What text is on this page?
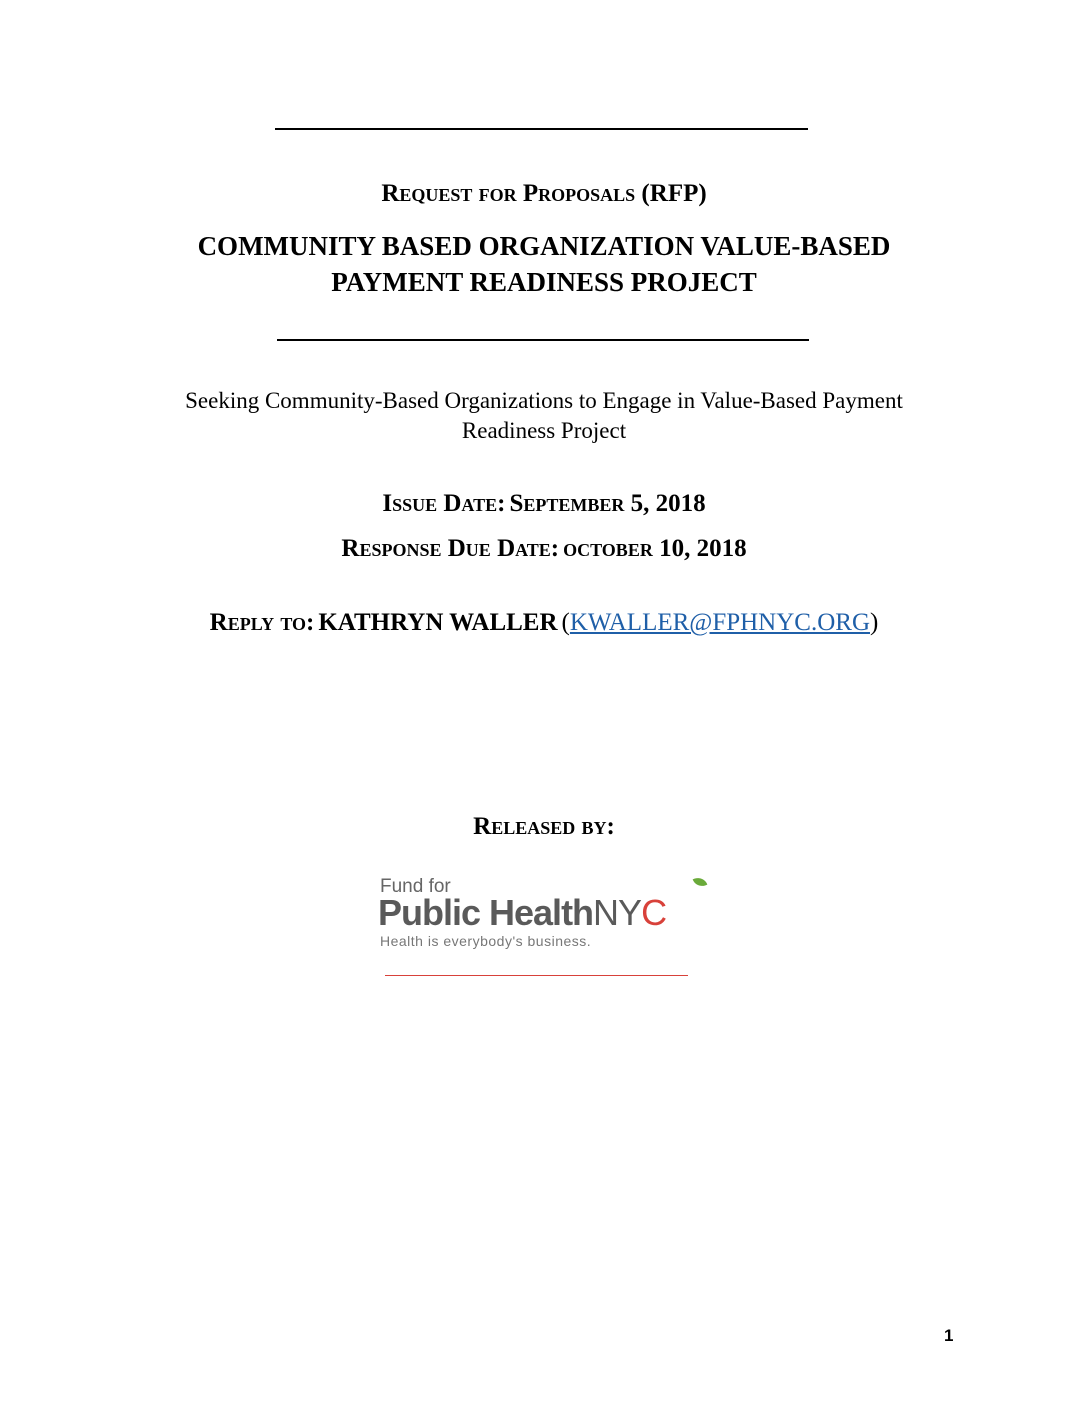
Request for Proposals (RFP)
COMMUNITY BASED ORGANIZATION VALUE-BASED
PAYMENT READINESS PROJECT
Seeking Community-Based Organizations to Engage in Value-Based Payment Readiness Project
Issue Date: September 5, 2018
Response Due Date: october 10, 2018
Reply to: KATHRYN WALLER (KWALLER@FPHNYC.ORG)
Released by:
Fund for
Public HealthNYC
Health is everybody's business.
1
